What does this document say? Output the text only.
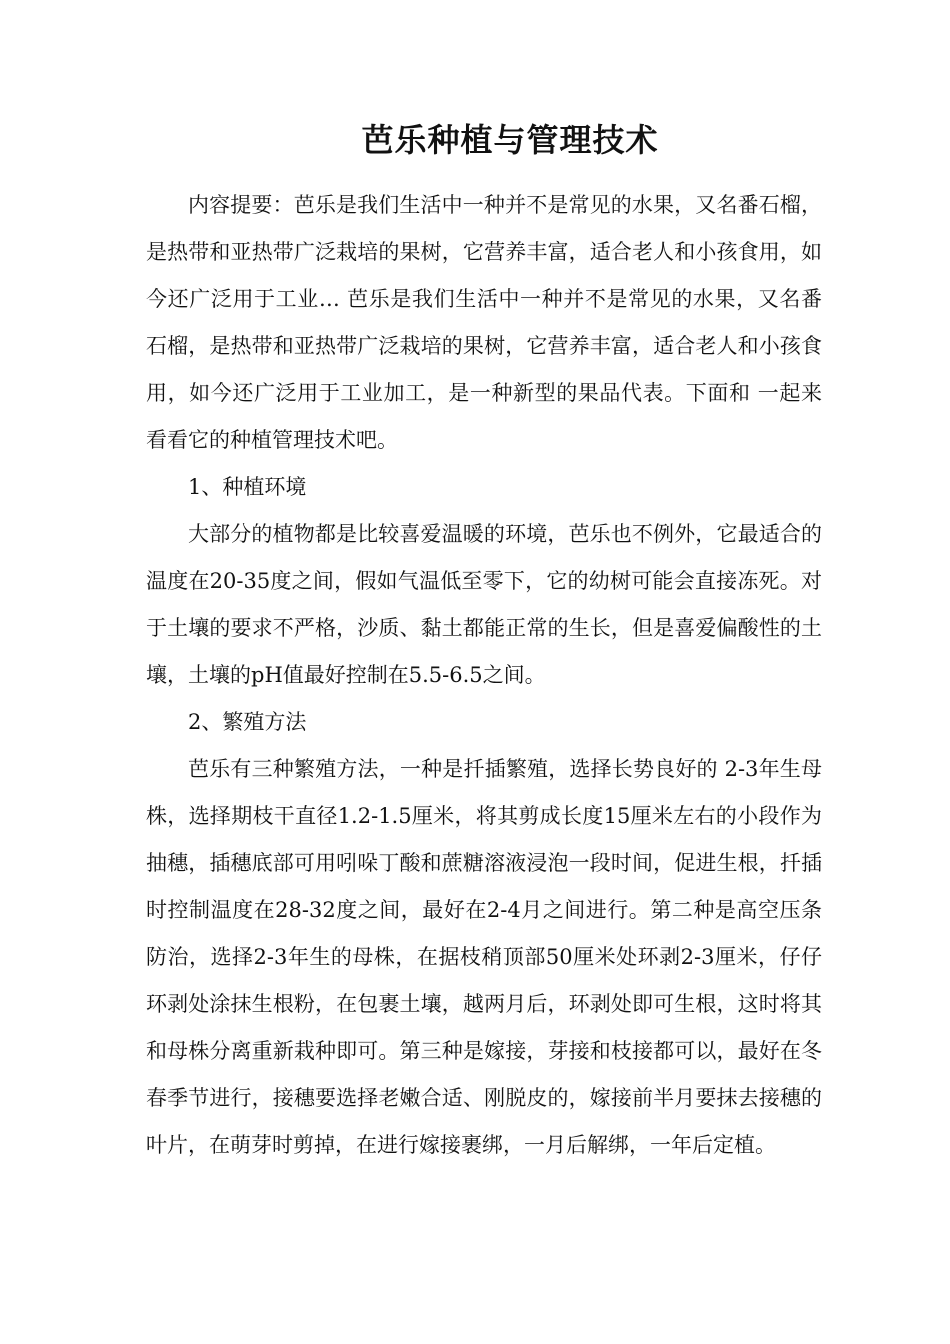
芭乐种植与管理技术

内容提要：芭乐是我们生活中一种并不是常见的水果，又名番石榴，是热带和亚热带广泛栽培的果树，它营养丰富，适合老人和小孩食用，如今还广泛用于工业… 芭乐是我们生活中一种并不是常见的水果，又名番石榴，是热带和亚热带广泛栽培的果树，它营养丰富，适合老人和小孩食用，如今还广泛用于工业加工，是一种新型的果品代表。下面和 一起来看看它的种植管理技术吧。

1、种植环境

大部分的植物都是比较喜爱温暖的环境，芭乐也不例外，它最适合的温度在20-35度之间，假如气温低至零下，它的幼树可能会直接冻死。对于土壤的要求不严格，沙质、黏土都能正常的生长，但是喜爱偏酸性的土壤，土壤的pH值最好控制在5.5-6.5之间。

2、繁殖方法

芭乐有三种繁殖方法，一种是扦插繁殖，选择长势良好的 2-3年生母株，选择期枝干直径1.2-1.5厘米，将其剪成长度15厘米左右的小段作为抽穗，插穗底部可用吲哚丁酸和蔗糖溶液浸泡一段时间，促进生根，扦插时控制温度在28-32度之间，最好在2-4月之间进行。第二种是高空压条防治，选择2-3年生的母株，在据枝稍顶部50厘米处环剥2-3厘米，仔仔环剥处涂抹生根粉，在包裹土壤，越两月后，环剥处即可生根，这时将其和母株分离重新栽种即可。第三种是嫁接，芽接和枝接都可以，最好在冬春季节进行，接穗要选择老嫩合适、刚脱皮的，嫁接前半月要抹去接穗的叶片，在萌芽时剪掉，在进行嫁接裹绑，一月后解绑，一年后定植。
